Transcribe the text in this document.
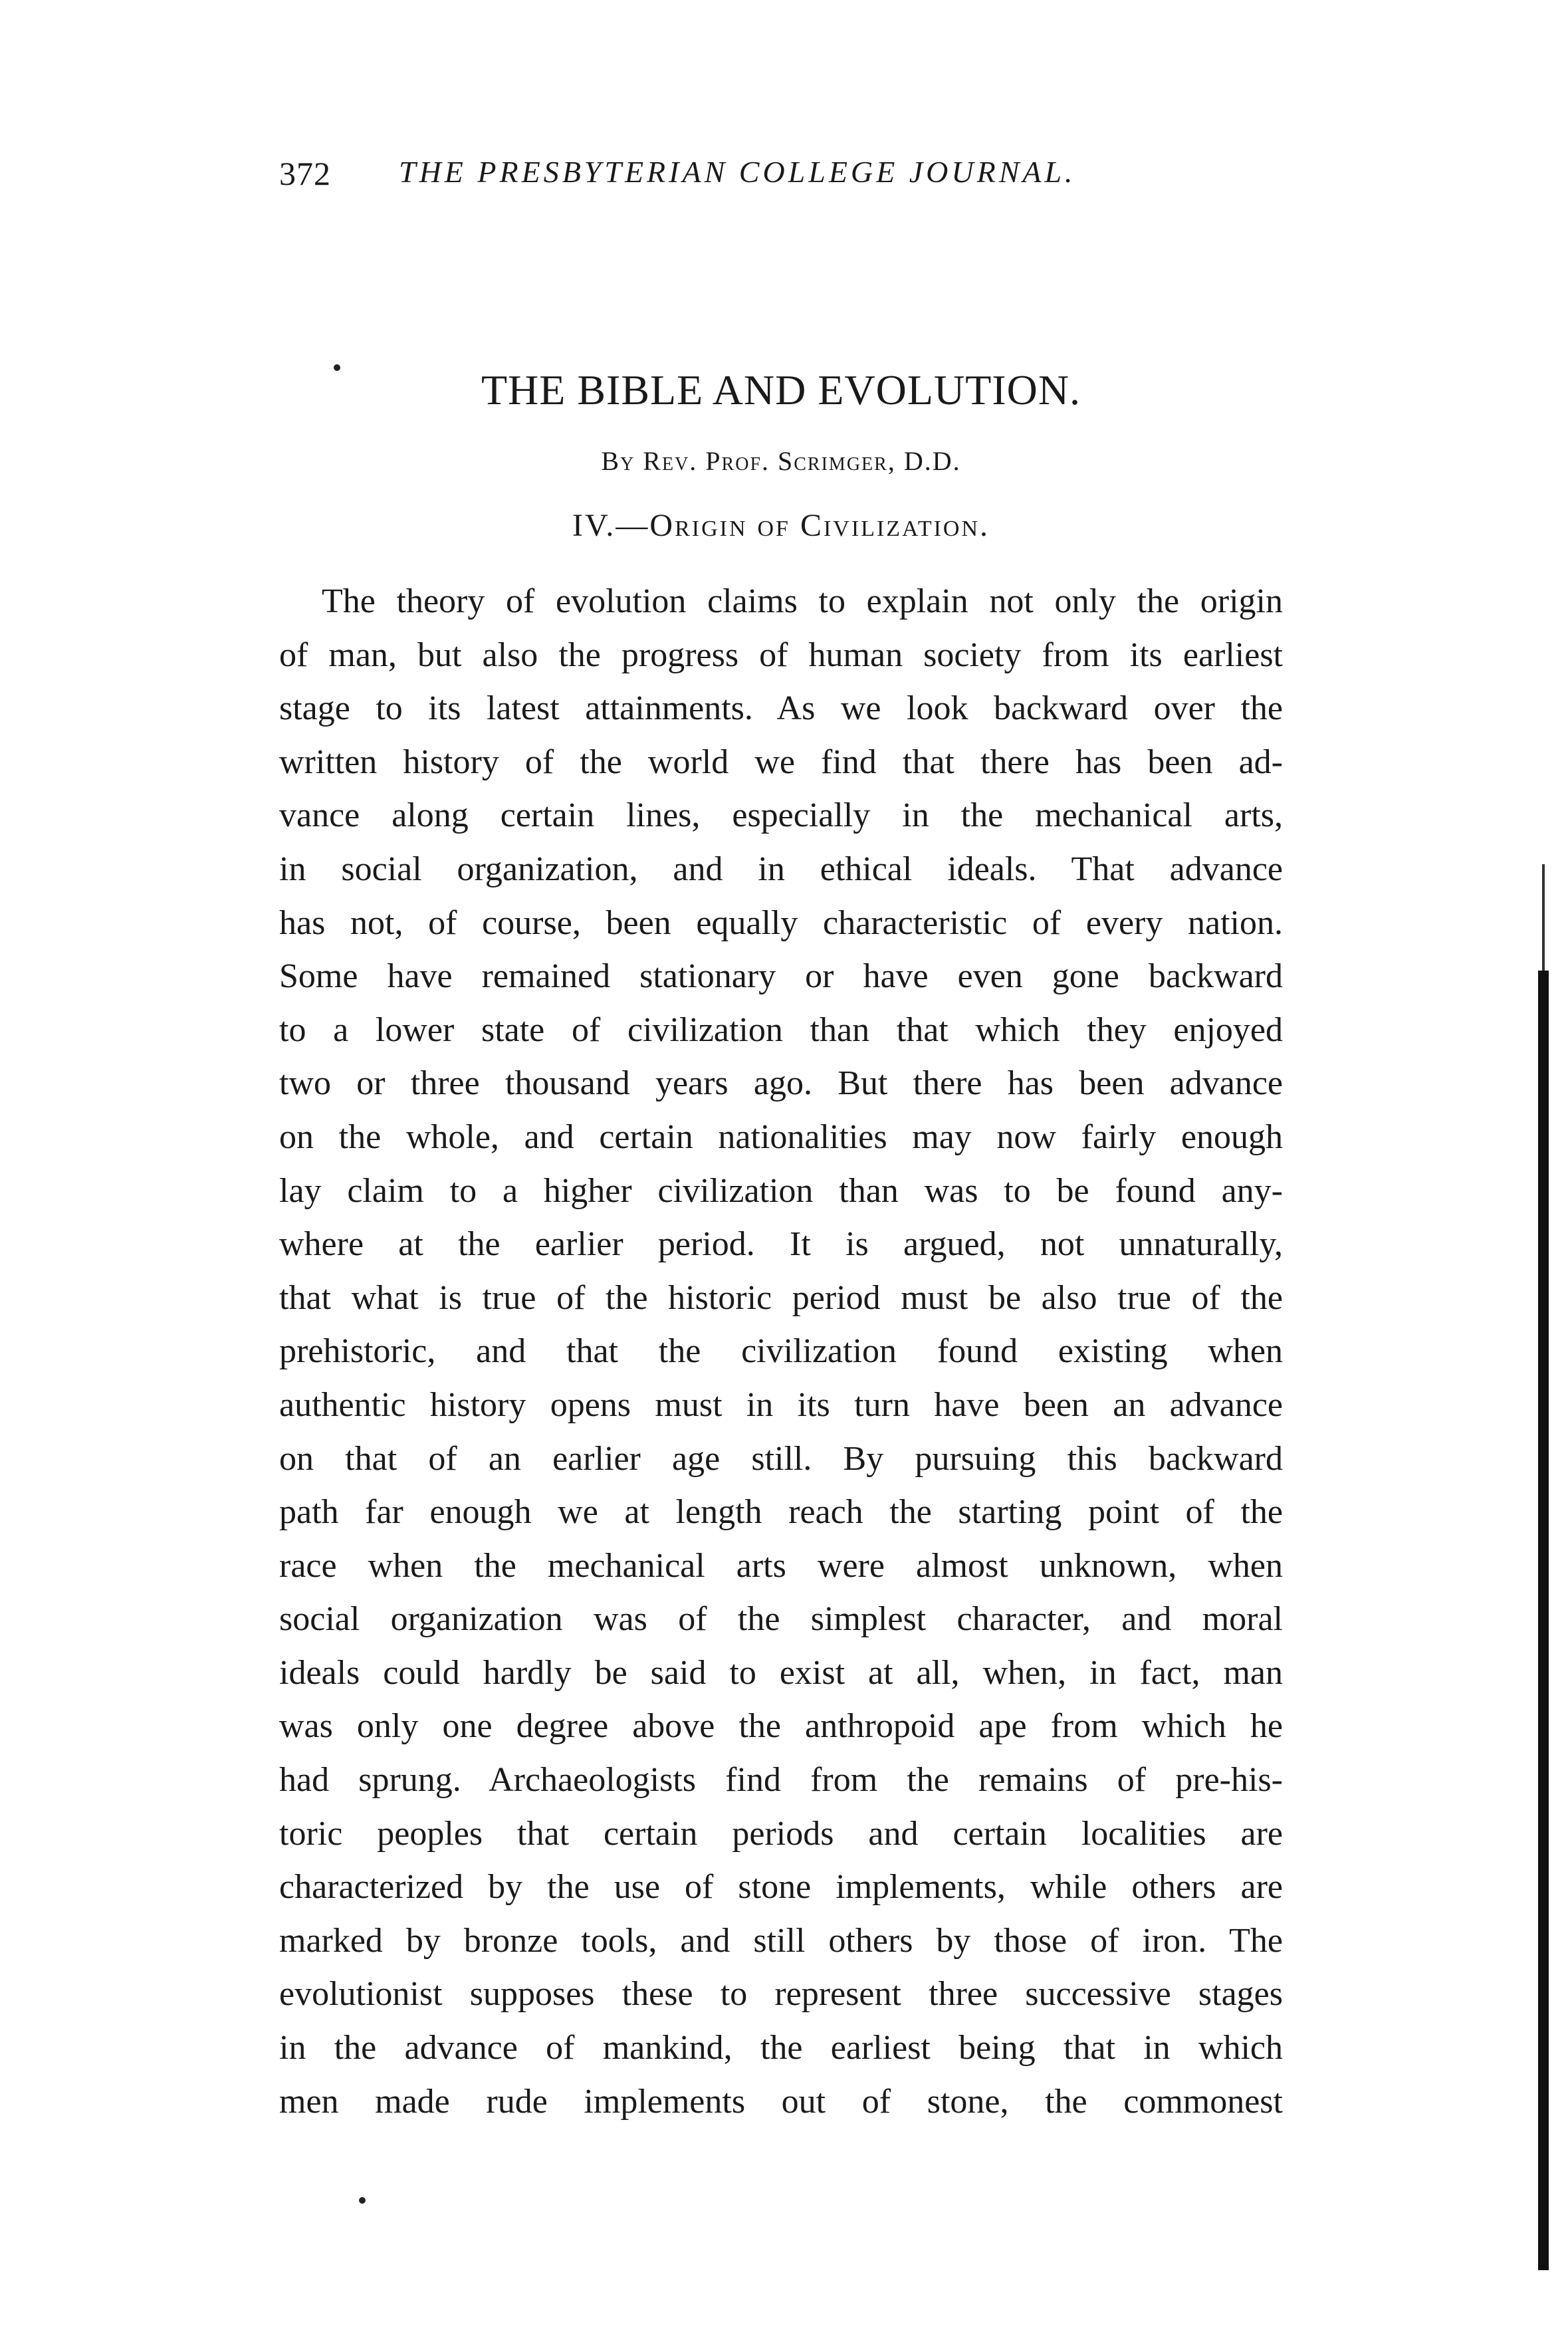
372 THE PRESBYTERIAN COLLEGE JOURNAL.
THE BIBLE AND EVOLUTION.
By Rev. Prof. Scrimger, D.D.
IV.—Origin of Civilization.
The theory of evolution claims to explain not only the origin
of man, but also the progress of human society from its earliest
stage to its latest attainments. As we look backward over the
written history of the world we find that there has been ad-
vance along certain lines, especially in the mechanical arts,
in social organization, and in ethical ideals. That advance
has not, of course, been equally characteristic of every nation.
Some have remained stationary or have even gone backward
to a lower state of civilization than that which they enjoyed
two or three thousand years ago. But there has been advance
on the whole, and certain nationalities may now fairly enough
lay claim to a higher civilization than was to be found any-
where at the earlier period. It is argued, not unnaturally,
that what is true of the historic period must be also true of the
prehistoric, and that the civilization found existing when
authentic history opens must in its turn have been an advance
on that of an earlier age still. By pursuing this backward
path far enough we at length reach the starting point of the
race when the mechanical arts were almost unknown, when
social organization was of the simplest character, and moral
ideals could hardly be said to exist at all, when, in fact, man
was only one degree above the anthropoid ape from which he
had sprung. Archaeologists find from the remains of pre-his-
toric peoples that certain periods and certain localities are
characterized by the use of stone implements, while others are
marked by bronze tools, and still others by those of iron. The
evolutionist supposes these to represent three successive stages
in the advance of mankind, the earliest being that in which
men made rude implements out of stone, the commonest
